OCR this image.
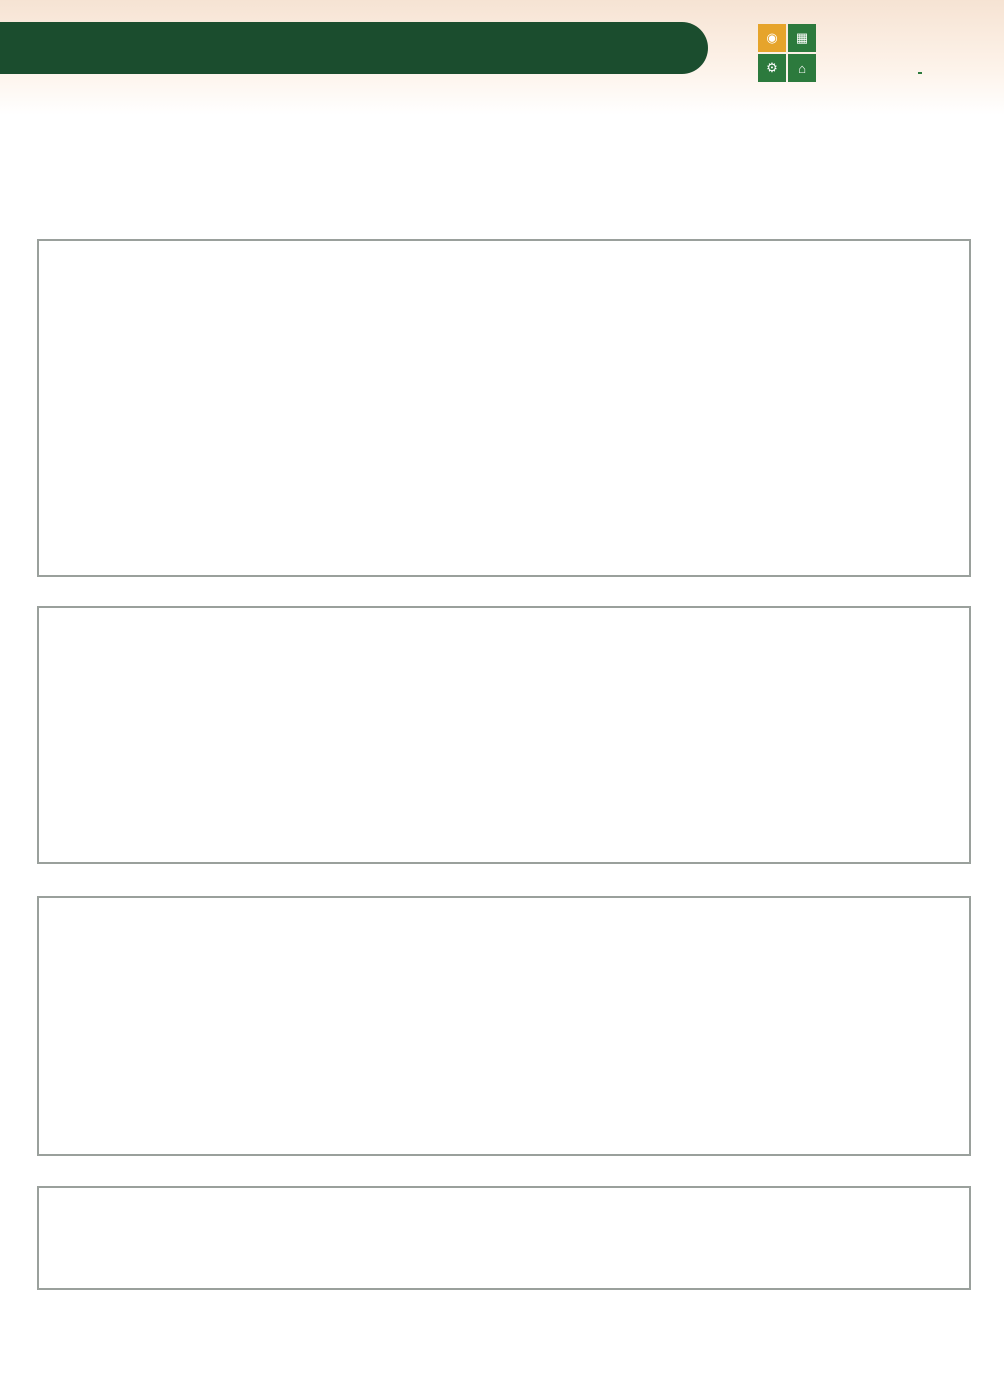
◉	▦
⚙	⌂
